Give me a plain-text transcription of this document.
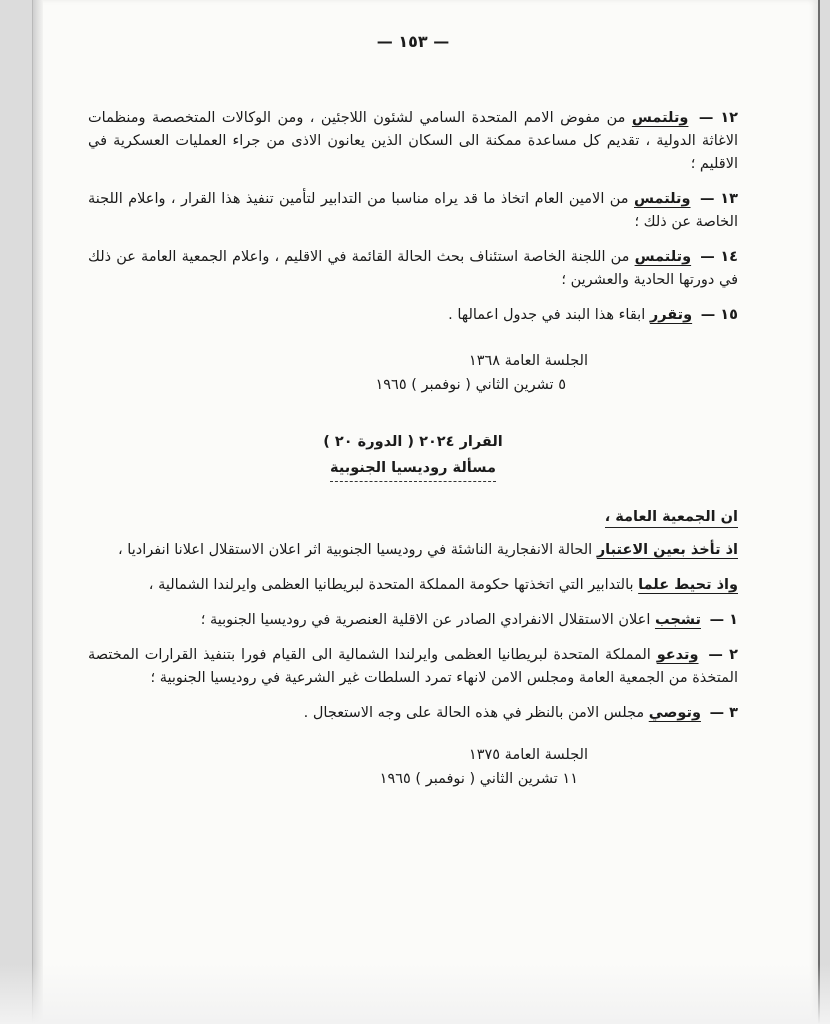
— ١٥٣ —

١٢ — وتلتمس من مفوض الامم المتحدة السامي لشئون اللاجئين ، ومن الوكالات المتخصصة ومنظمات الاغاثة الدولية ، تقديم كل مساعدة ممكنة الى السكان الذين يعانون الاذى من جراء العمليات العسكرية في الاقليم ؛

١٣ — وتلتمس من الامين العام اتخاذ ما قد يراه مناسبا من التدابير لتأمين تنفيذ هذا القرار ، واعلام اللجنة الخاصة عن ذلك ؛

١٤ — وتلتمس من اللجنة الخاصة استئناف بحث الحالة القائمة في الاقليم ، واعلام الجمعية العامة عن ذلك في دورتها الحادية والعشرين ؛

١٥ — وتقرر ابقاء هذا البند في جدول اعمالها .

الجلسة العامة ١٣٦٨
٥ تشرين الثاني ( نوفمبر ) ١٩٦٥
القرار ٢٠٢٤ ( الدورة ٢٠ )
مسألة روديسيا الجنوبية
ان الجمعية العامة ،

اذ تأخذ بعين الاعتبار الحالة الانفجارية الناشئة في روديسيا الجنوبية اثر اعلان الاستقلال اعلانا انفراديا ،

واذ تحيط علما بالتدابير التي اتخذتها حكومة المملكة المتحدة لبريطانيا العظمى وايرلندا الشمالية ،

١ — تشجب اعلان الاستقلال الانفرادي الصادر عن الاقلية العنصرية في روديسيا الجنوبية ؛

٢ — وتدعو المملكة المتحدة لبريطانيا العظمى وايرلندا الشمالية الى القيام فورا بتنفيذ القرارات المختصة المتخذة من الجمعية العامة ومجلس الامن لانهاء تمرد السلطات غير الشرعية في روديسيا الجنوبية ؛

٣ — وتوصي مجلس الامن بالنظر في هذه الحالة على وجه الاستعجال .

الجلسة العامة ١٣٧٥
١١ تشرين الثاني ( نوفمبر ) ١٩٦٥
